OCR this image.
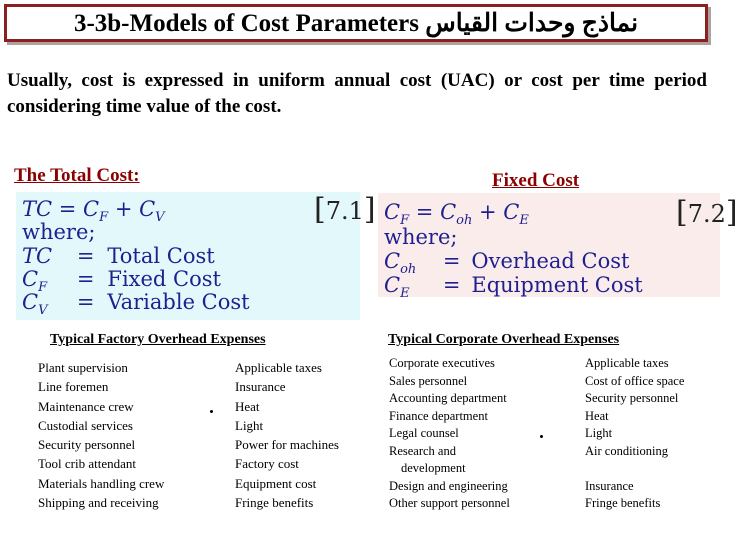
3-3b-Models of Cost Parameters نماذج وحدات القياس
Usually, cost is expressed in uniform annual cost (UAC) or cost per time period considering time value of the cost.
The Total Cost:
TC = $C_F + C_V$
where;
TC = Total Cost
$C_F$ = Fixed Cost
$C_V$ = Variable Cost
[7.1]
Fixed Cost
$C_F = C_{oh} + C_E$
where;
$C_{oh}$ = Overhead Cost
$C_E$ = Equipment Cost
[7.2]
Typical Factory Overhead Expenses
Plant supervision
Line foremen
Maintenance crew
Custodial services
Security personnel
Tool crib attendant
Materials handling crew
Shipping and receiving
Applicable taxes
Insurance
Heat
Light
Power for machines
Factory cost
Equipment cost
Fringe benefits
Typical Corporate Overhead Expenses
Corporate executives
Sales personnel
Accounting department
Finance department
Legal counsel
Research and
development
Design and engineering
Other support personnel
Applicable taxes
Cost of office space
Security personnel
Heat
Light
Air conditioning

Insurance
Fringe benefits
